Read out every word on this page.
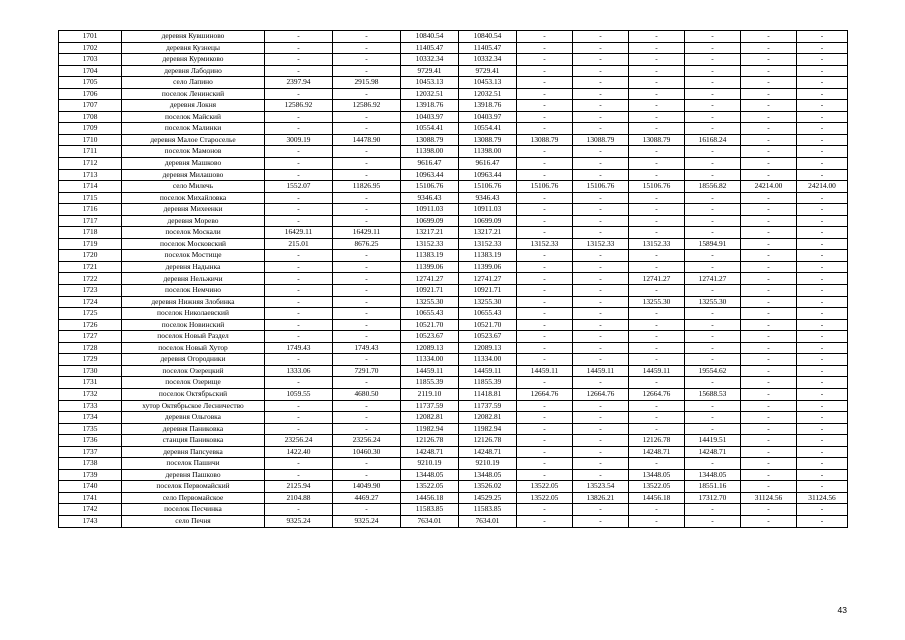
1701	деревня Кувшиново	-	-	10840.54	10840.54	-	-	-	-	-	-
1702	деревня Кузнецы	-	-	11405.47	11405.47	-	-	-	-	-	-
1703	деревня Курмиково	-	-	10332.34	10332.34	-	-	-	-	-	-
1704	деревня Лабодино	-	-	9729.41	9729.41	-	-	-	-	-	-
1705	село Лапино	2397.94	2915.98	10453.13	10453.13	-	-	-	-	-	-
1706	поселок Ленинский	-	-	12032.51	12032.51	-	-	-	-	-	-
1707	деревня Локня	12586.92	12586.92	13918.76	13918.76	-	-	-	-	-	-
1708	поселок Майский	-	-	10403.97	10403.97	-	-	-	-	-	-
1709	поселок Малинки	-	-	10554.41	10554.41	-	-	-	-	-	-
1710	деревня Малое Староселье	3009.19	14478.90	13088.79	13088.79	13088.79	13088.79	13088.79	16168.24	-	-
1711	поселок Мамонов	-	-	11398.00	11398.00	-	-	-	-	-	-
1712	деревня Машково	-	-	9616.47	9616.47	-	-	-	-	-	-
1713	деревня Милашово	-	-	10963.44	10963.44	-	-	-	-	-	-
1714	село Милечь	1552.07	11826.95	15106.76	15106.76	15106.76	15106.76	15106.76	18556.82	24214.00	24214.00
1715	поселок Михайловка	-	-	9346.43	9346.43	-	-	-	-	-	-
1716	деревня Михеенки	-	-	10911.03	10911.03	-	-	-	-	-	-
1717	деревня Морево	-	-	10699.09	10699.09	-	-	-	-	-	-
1718	поселок Москали	16429.11	16429.11	13217.21	13217.21	-	-	-	-	-	-
1719	поселок Московский	215.01	8676.25	13152.33	13152.33	13152.33	13152.33	13152.33	15894.91	-	-
1720	поселок Мостище	-	-	11383.19	11383.19	-	-	-	-	-	-
1721	деревня Надынка	-	-	11399.06	11399.06	-	-	-	-	-	-
1722	деревня Нельжичи	-	-	12741.27	12741.27	-	-	12741.27	12741.27	-	-
1723	поселок Немчино	-	-	10921.71	10921.71	-	-	-	-	-	-
1724	деревня Нижняя Злобинка	-	-	13255.30	13255.30	-	-	13255.30	13255.30	-	-
1725	поселок Николаевский	-	-	10655.43	10655.43	-	-	-	-	-	-
1726	поселок Новинский	-	-	10521.70	10521.70	-	-	-	-	-	-
1727	поселок Новый Раздел	-	-	10523.67	10523.67	-	-	-	-	-	-
1728	поселок Новый Хутор	1749.43	1749.43	12089.13	12089.13	-	-	-	-	-	-
1729	деревня Огородники	-	-	11334.00	11334.00	-	-	-	-	-	-
1730	поселок Озерецкий	1333.06	7291.70	14459.11	14459.11	14459.11	14459.11	14459.11	19554.62	-	-
1731	поселок Озерище	-	-	11855.39	11855.39	-	-	-	-	-	-
1732	поселок Октябрьский	1059.55	4680.50	2119.10	11418.81	12664.76	12664.76	12664.76	15688.53	-	-
1733	хутор Октябрьское Лесничество	-	-	11737.59	11737.59	-	-	-	-	-	-
1734	деревня Ольговка	-	-	12082.81	12082.81	-	-	-	-	-	-
1735	деревня Паниковка	-	-	11982.94	11982.94	-	-	-	-	-	-
1736	станция Паниковка	23256.24	23256.24	12126.78	12126.78	-	-	12126.78	14419.51	-	-
1737	деревня Папсуевка	1422.40	10460.30	14248.71	14248.71	-	-	14248.71	14248.71	-	-
1738	поселок Пашичи	-	-	9210.19	9210.19	-	-	-	-	-	-
1739	деревня Пашково	-	-	13448.05	13448.05	-	-	13448.05	13448.05	-	-
1740	поселок Первомайский	2125.94	14049.90	13522.05	13526.02	13522.05	13523.54	13522.05	18551.16	-	-
1741	село Первомайское	2104.88	4469.27	14456.18	14529.25	13522.05	13826.21	14456.18	17312.70	31124.56	31124.56
1742	поселок Песчинка	-	-	11583.85	11583.85	-	-	-	-	-	-
1743	село Печня	9325.24	9325.24	7634.01	7634.01	-	-	-	-	-	-
43
